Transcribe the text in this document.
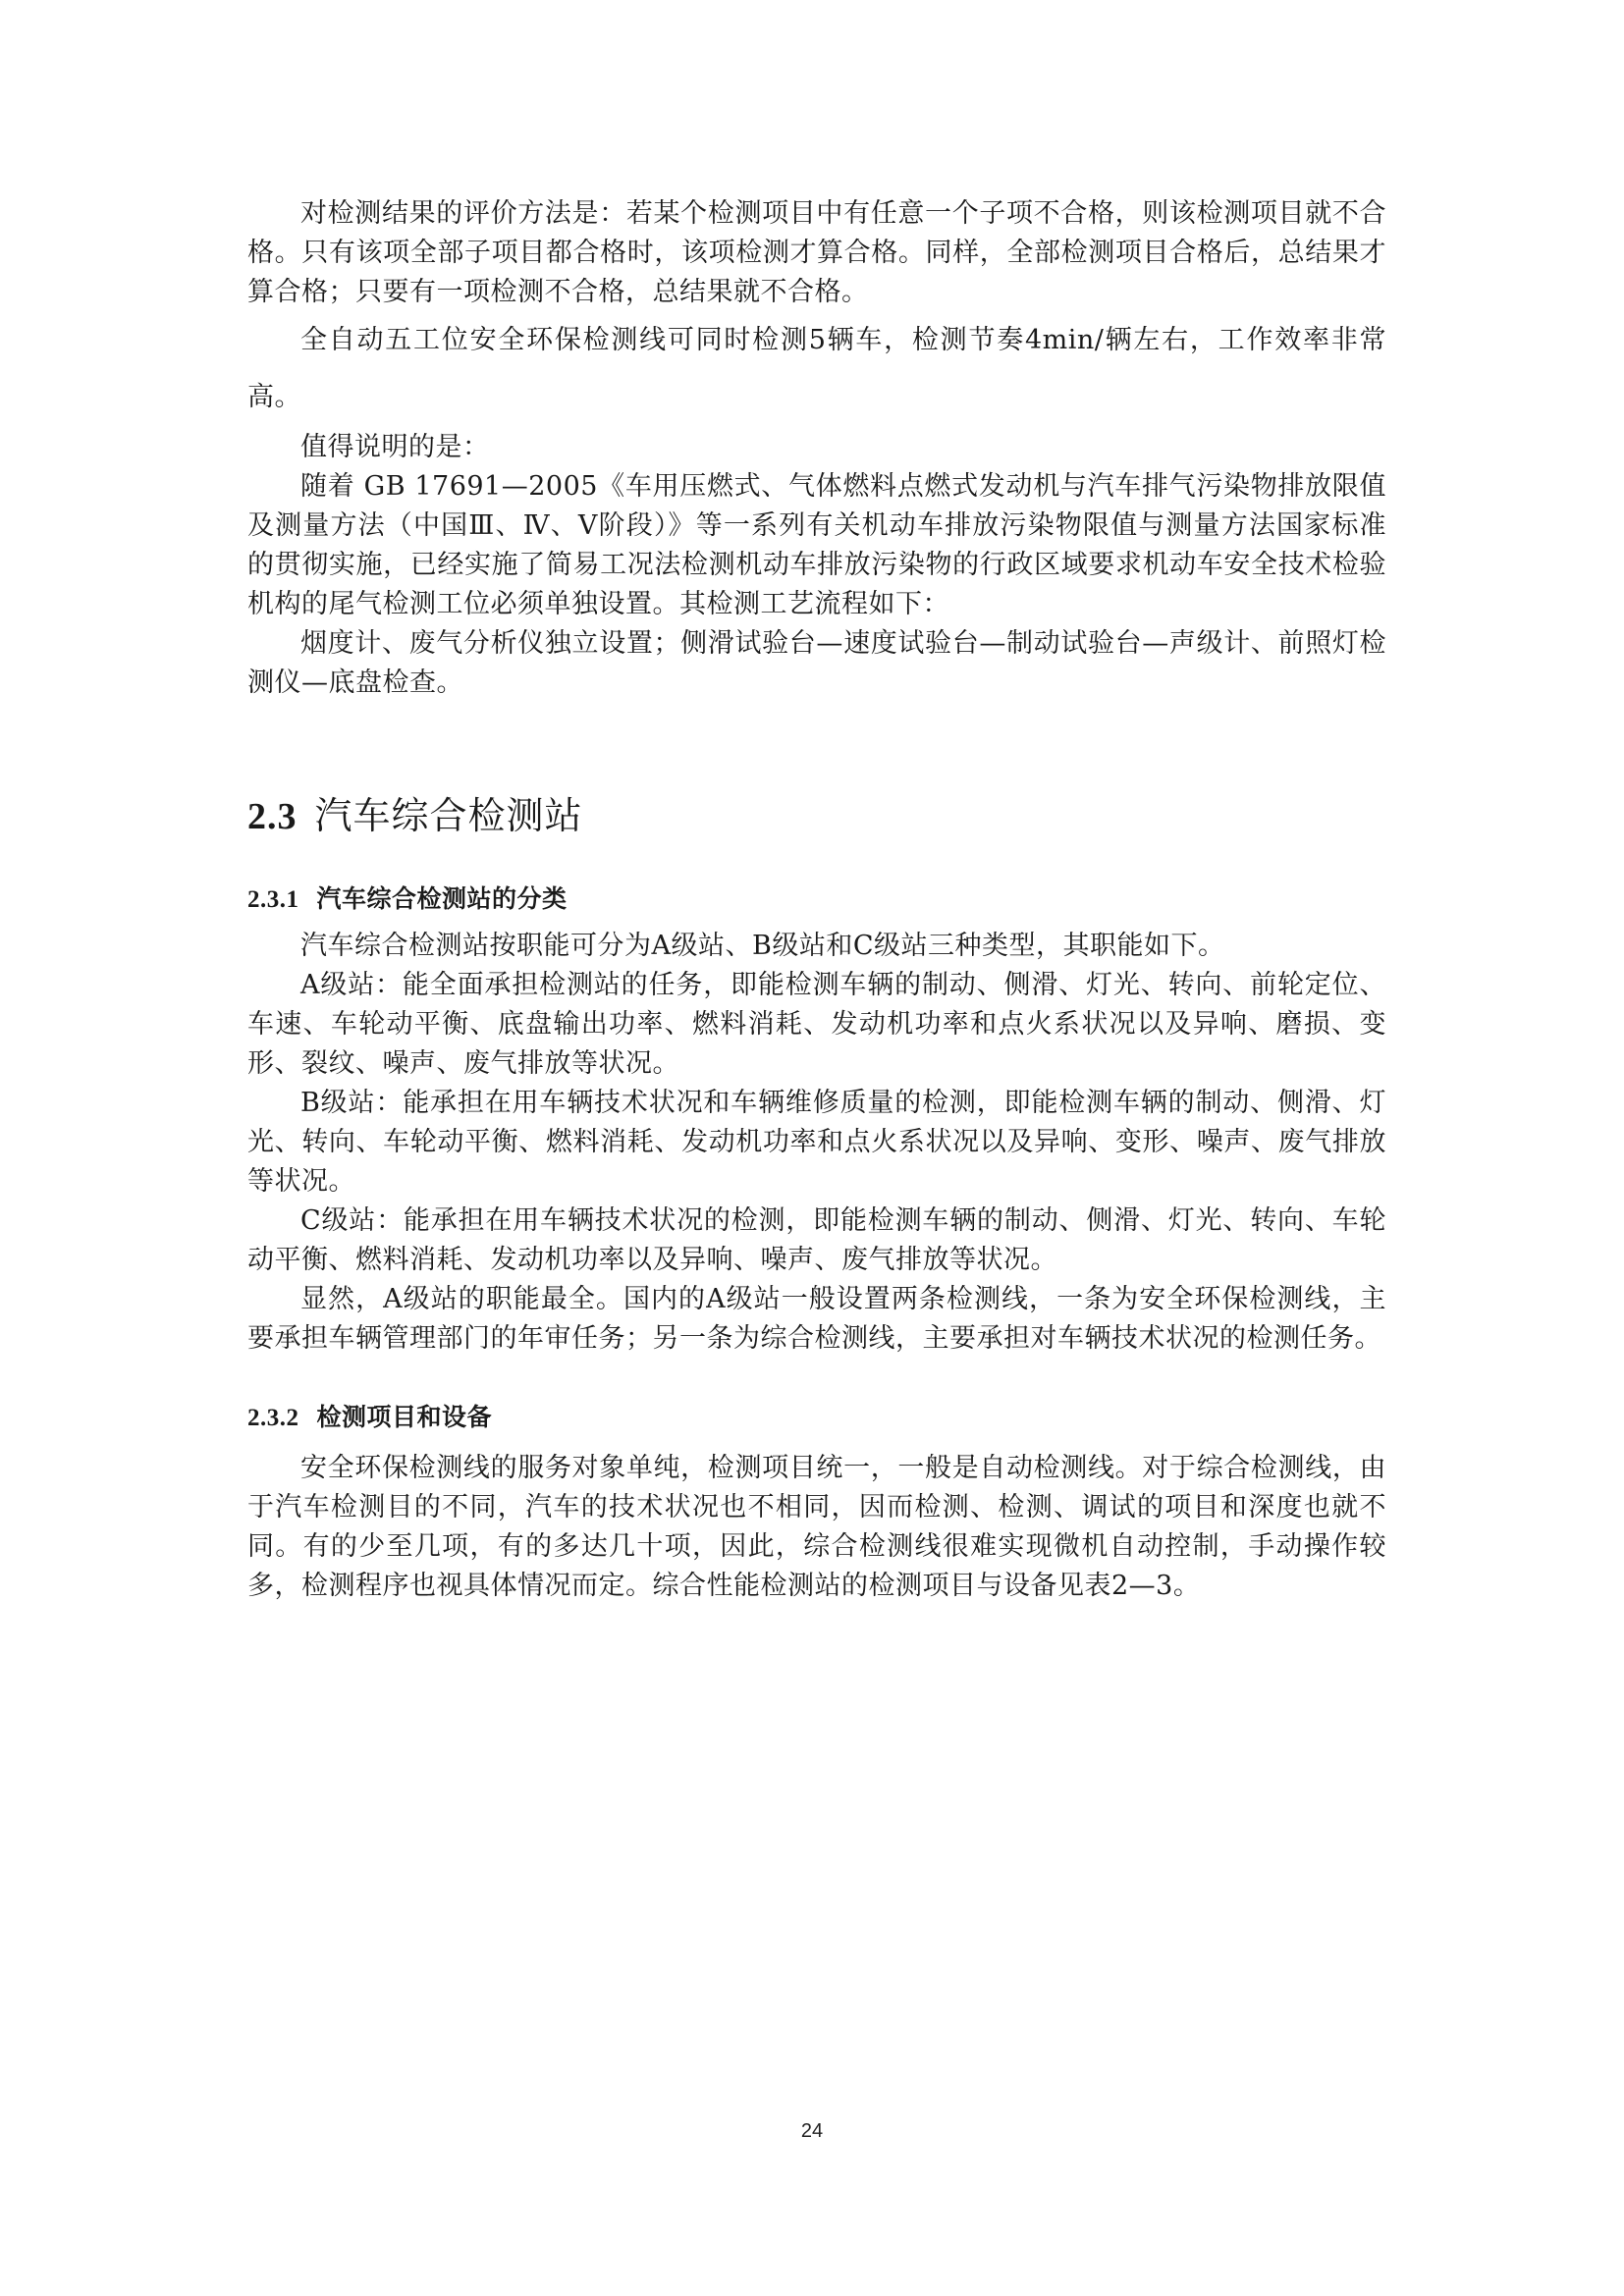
对检测结果的评价方法是：若某个检测项目中有任意一个子项不合格，则该检测项目就不合格。只有该项全部子项目都合格时，该项检测才算合格。同样，全部检测项目合格后，总结果才算合格；只要有一项检测不合格，总结果就不合格。

全自动五工位安全环保检测线可同时检测5辆车，检测节奏4min/辆左右，工作效率非常高。

值得说明的是：

随着 GB 17691—2005《车用压燃式、气体燃料点燃式发动机与汽车排气污染物排放限值及测量方法（中国Ⅲ、Ⅳ、Ⅴ阶段）》等一系列有关机动车排放污染物限值与测量方法国家标准的贯彻实施，已经实施了简易工况法检测机动车排放污染物的行政区域要求机动车安全技术检验机构的尾气检测工位必须单独设置。其检测工艺流程如下：

烟度计、废气分析仪独立设置；侧滑试验台—速度试验台—制动试验台—声级计、前照灯检测仪—底盘检查。

2.3 汽车综合检测站
2.3.1 汽车综合检测站的分类

汽车综合检测站按职能可分为A级站、B级站和C级站三种类型，其职能如下。

A级站：能全面承担检测站的任务，即能检测车辆的制动、侧滑、灯光、转向、前轮定位、车速、车轮动平衡、底盘输出功率、燃料消耗、发动机功率和点火系状况以及异响、磨损、变形、裂纹、噪声、废气排放等状况。

B级站：能承担在用车辆技术状况和车辆维修质量的检测，即能检测车辆的制动、侧滑、灯光、转向、车轮动平衡、燃料消耗、发动机功率和点火系状况以及异响、变形、噪声、废气排放等状况。

C级站：能承担在用车辆技术状况的检测，即能检测车辆的制动、侧滑、灯光、转向、车轮动平衡、燃料消耗、发动机功率以及异响、噪声、废气排放等状况。

显然，A级站的职能最全。国内的A级站一般设置两条检测线，一条为安全环保检测线，主要承担车辆管理部门的年审任务；另一条为综合检测线，主要承担对车辆技术状况的检测任务。

2.3.2 检测项目和设备

安全环保检测线的服务对象单纯，检测项目统一，一般是自动检测线。对于综合检测线，由于汽车检测目的不同，汽车的技术状况也不相同，因而检测、检测、调试的项目和深度也就不同。有的少至几项，有的多达几十项，因此，综合检测线很难实现微机自动控制，手动操作较多，检测程序也视具体情况而定。综合性能检测站的检测项目与设备见表2—3。

24
